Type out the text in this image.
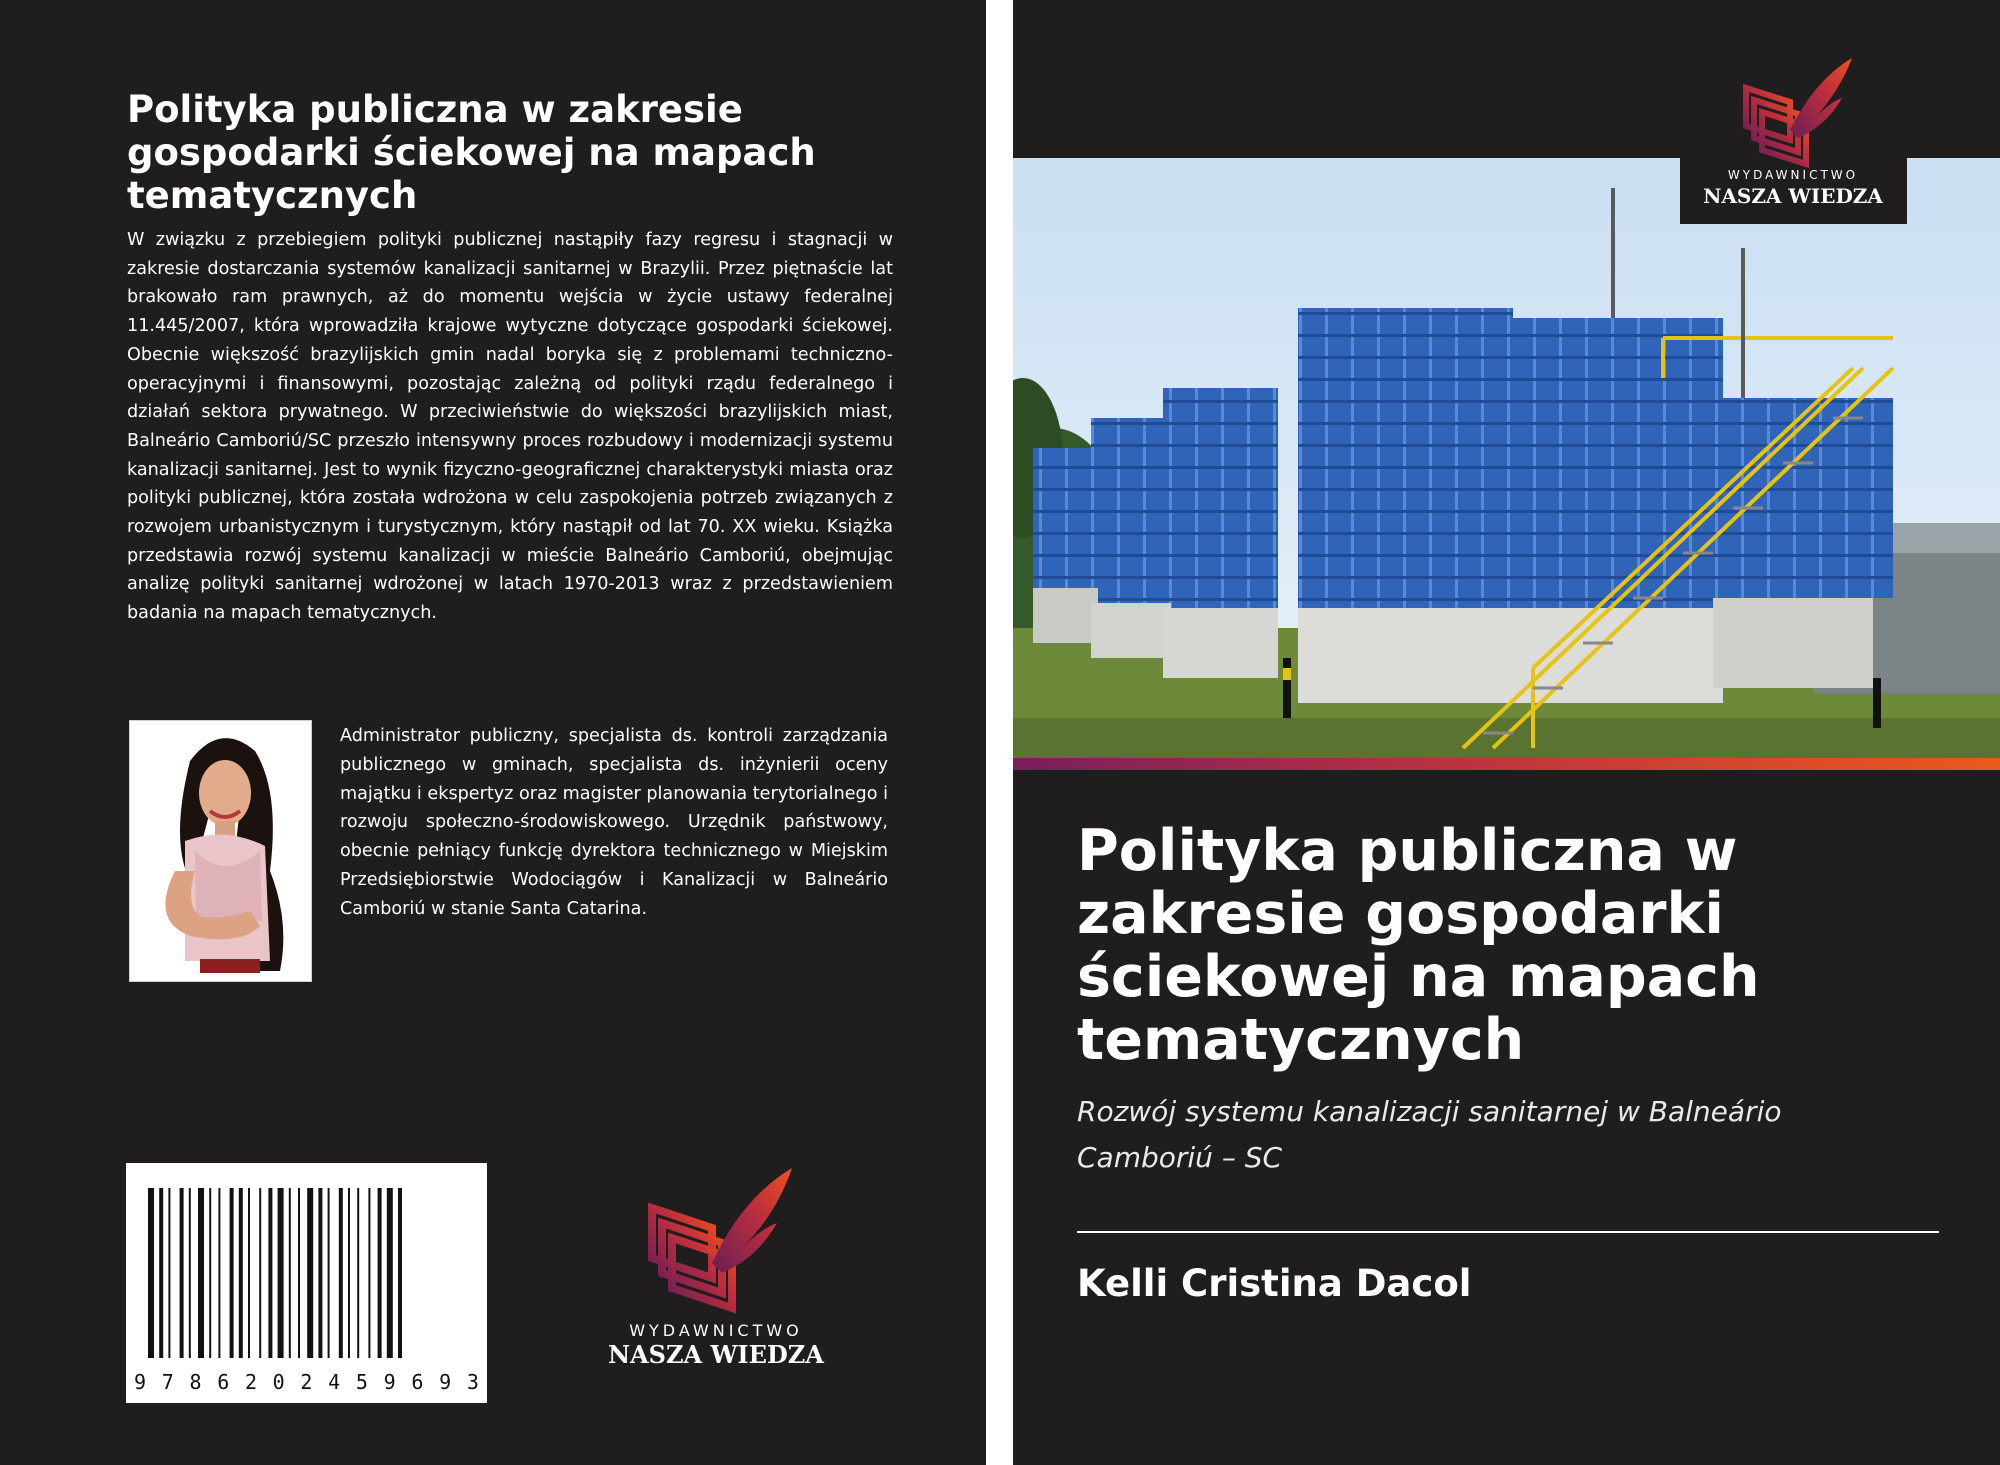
Polityka publiczna w zakresie gospodarki ściekowej na mapach tematycznych

W związku z przebiegiem polityki publicznej nastąpiły fazy regresu i stagnacji w zakresie dostarczania systemów kanalizacji sanitarnej w Brazylii. Przez piętnaście lat brakowało ram prawnych, aż do momentu wejścia w życie ustawy federalnej 11.445/2007, która wprowadziła krajowe wytyczne dotyczące gospodarki ściekowej. Obecnie większość brazylijskich gmin nadal boryka się z problemami techniczno-operacyjnymi i finansowymi, pozostając zależną od polityki rządu federalnego i działań sektora prywatnego. W przeciwieństwie do większości brazylijskich miast, Balneário Camboriú/SC przeszło intensywny proces rozbudowy i modernizacji systemu kanalizacji sanitarnej. Jest to wynik fizyczno-geograficznej charakterystyki miasta oraz polityki publicznej, która została wdrożona w celu zaspokojenia potrzeb związanych z rozwojem urbanistycznym i turystycznym, który nastąpił od lat 70. XX wieku. Książka przedstawia rozwój systemu kanalizacji w mieście Balneário Camboriú, obejmując analizę polityki sanitarnej wdrożonej w latach 1970-2013 wraz z przedstawieniem badania na mapach tematycznych.

Administrator publiczny, specjalista ds. kontroli zarządzania publicznego w gminach, specjalista ds. inżynierii oceny majątku i ekspertyz oraz magister planowania terytorialnego i rozwoju społeczno-środowiskowego. Urzędnik państwowy, obecnie pełniący funkcję dyrektora technicznego w Miejskim Przedsiębiorstwie Wodociągów i Kanalizacji w Balneário Camboriú w stanie Santa Catarina.

9 7 8 6 2 0 2 4 5 9 6 9 3
WYDAWNICTWO
NASZA WIEDZA
WYDAWNICTWO
NASZA WIEDZA
Polityka publiczna w zakresie gospodarki ściekowej na mapach tematycznych

Rozwój systemu kanalizacji sanitarnej w Balneário Camboriú – SC

Kelli Cristina Dacol
